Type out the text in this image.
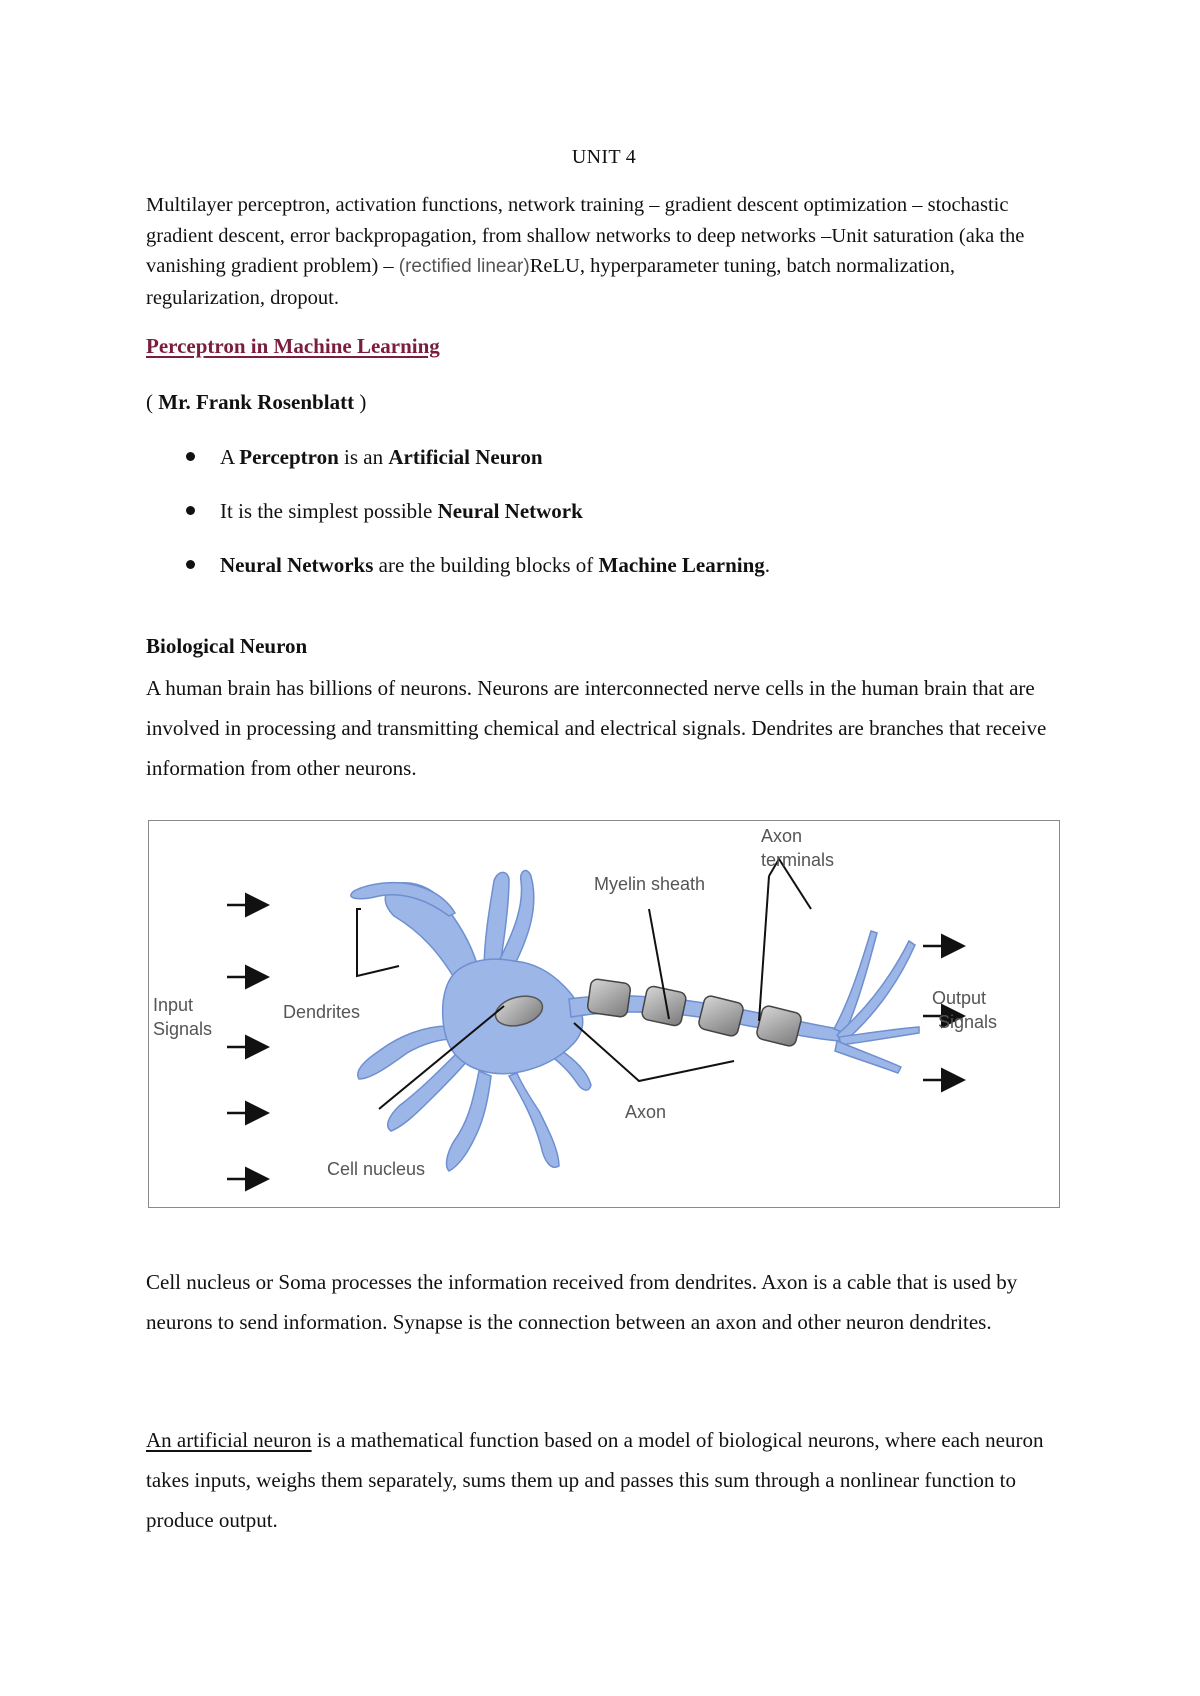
UNIT 4
Multilayer perceptron, activation functions, network training – gradient descent optimization – stochastic gradient descent, error backpropagation, from shallow networks to deep networks –Unit saturation (aka the vanishing gradient problem) – (rectified linear)ReLU, hyperparameter tuning, batch normalization, regularization, dropout.
Perceptron in Machine Learning
( Mr. Frank Rosenblatt )
A Perceptron is an Artificial Neuron
It is the simplest possible Neural Network
Neural Networks are the building blocks of Machine Learning.
Biological Neuron
A human brain has billions of neurons. Neurons are interconnected nerve cells in the human brain that are involved in processing and transmitting chemical and electrical signals. Dendrites are branches that receive information from other neurons.
Input
Signals
Dendrites
Cell nucleus
Myelin sheath
Axon
terminals
Axon
Output
Signals
Cell nucleus or Soma processes the information received from dendrites. Axon is a cable that is used by neurons to send information. Synapse is the connection between an axon and other neuron dendrites.
An artificial neuron is a mathematical function based on a model of biological neurons, where each neuron takes inputs, weighs them separately, sums them up and passes this sum through a nonlinear function to produce output.
